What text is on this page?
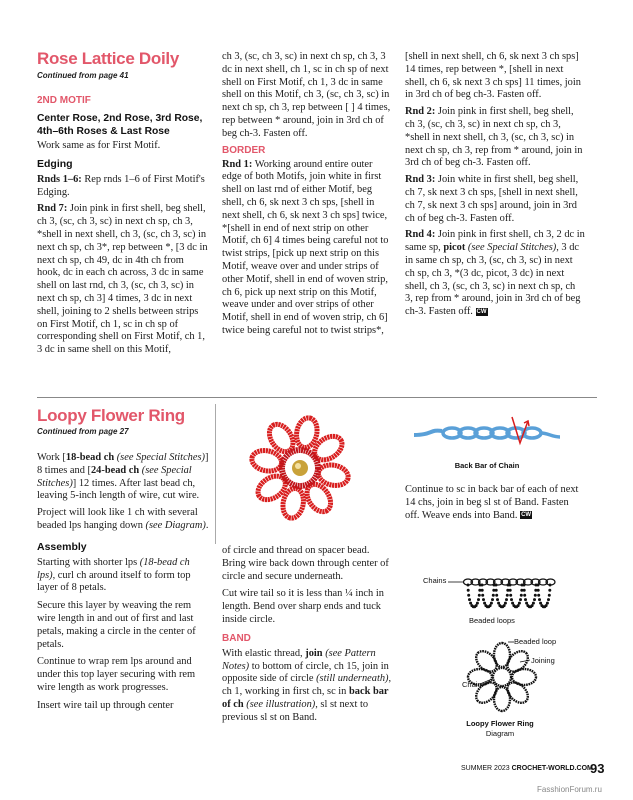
Rose Lattice Doily
Continued from page 41
2ND MOTIF
Center Rose, 2nd Rose, 3rd Rose, 4th–6th Roses & Last Rose

Work same as for First Motif.

Edging

Rnds 1–6: Rep rnds 1–6 of First Motif's Edging.

Rnd 7: Join pink in first shell, beg shell, ch 3, (sc, ch 3, sc) in next ch sp, ch 3, *shell in next shell, ch 3, (sc, ch 3, sc) in next ch sp, ch 3*, rep between *, [3 dc in next ch sp, ch 49, dc in 4th ch from hook, dc in each ch across, 3 dc in same shell on last rnd, ch 3, (sc, ch 3, sc) in next ch sp, ch 3] 4 times, 3 dc in next shell, joining to 2 shells between strips on First Motif, ch 1, sc in ch sp of corresponding shell on First Motif, ch 1, 3 dc in same shell on this Motif,

ch 3, (sc, ch 3, sc) in next ch sp, ch 3, 3 dc in next shell, ch 1, sc in ch sp of next shell on First Motif, ch 1, 3 dc in same shell on this Motif, ch 3, (sc, ch 3, sc) in next ch sp, ch 3, rep between [ ] 4 times, rep between * around, join in 3rd ch of beg ch-3. Fasten off.

BORDER

Rnd 1: Working around entire outer edge of both Motifs, join white in first shell on last rnd of either Motif, beg shell, ch 6, sk next 3 ch sps, [shell in next shell, ch 6, sk next 3 ch sps] twice, *[shell in end of next strip on other Motif, ch 6] 4 times being careful not to twist strips, [pick up next strip on this Motif, weave over and under strips of other Motif, shell in end of woven strip, ch 6, pick up next strip on this Motif, weave under and over strips of other Motif, shell in end of woven strip, ch 6] twice being careful not to twist strips*,

[shell in next shell, ch 6, sk next 3 ch sps] 14 times, rep between *, [shell in next shell, ch 6, sk next 3 ch sps] 11 times, join in 3rd ch of beg ch-3. Fasten off.

Rnd 2: Join pink in first shell, beg shell, ch 3, (sc, ch 3, sc) in next ch sp, ch 3, *shell in next shell, ch 3, (sc, ch 3, sc) in next ch sp, ch 3, rep from * around, join in 3rd ch of beg ch-3. Fasten off.

Rnd 3: Join white in first shell, beg shell, ch 7, sk next 3 ch sps, [shell in next shell, ch 7, sk next 3 ch sps] around, join in 3rd ch of beg ch-3. Fasten off.

Rnd 4: Join pink in first shell, ch 3, 2 dc in same sp, picot (see Special Stitches), 3 dc in same ch sp, ch 3, (sc, ch 3, sc) in next ch sp, ch 3, *(3 dc, picot, 3 dc) in next shell, ch 3, (sc, ch 3, sc) in next ch sp, ch 3, rep from * around, join in 3rd ch of beg ch-3. Fasten off. CW

Loopy Flower Ring
Continued from page 27

Work [18-bead ch (see Special Stitches)] 8 times and [24-bead ch (see Special Stitches)] 12 times. After last bead ch, leaving 5-inch length of wire, cut wire.

Project will look like 1 ch with several beaded lps hanging down (see Diagram).

Assembly

Starting with shorter lps (18-bead ch lps), curl ch around itself to form top layer of 8 petals.

Secure this layer by weaving the rem wire length in and out of first and last petals, making a circle in the center of petals.

Continue to wrap rem lps around and under this top layer securing with rem wire length as work progresses.

Insert wire tail up through center

of circle and thread on spacer bead. Bring wire back down through center of circle and secure underneath.

Cut wire tail so it is less than ¼ inch in length. Bend over sharp ends and tuck inside circle.

BAND

With elastic thread, join (see Pattern Notes) to bottom of circle, ch 15, join in opposite side of circle (still underneath), ch 1, working in first ch, sc in back bar of ch (see illustration), sl st next to previous sl st on Band.

Back Bar of Chain

Continue to sc in back bar of each of next 14 chs, join in beg sl st of Band. Fasten off. Weave ends into Band. CW

Chains
Beaded loops
Beaded loop
Joining
Chain
Loopy Flower Ring
Diagram
SUMMER 2023 CROCHET-WORLD.COM
93
FasshionForum.ru
